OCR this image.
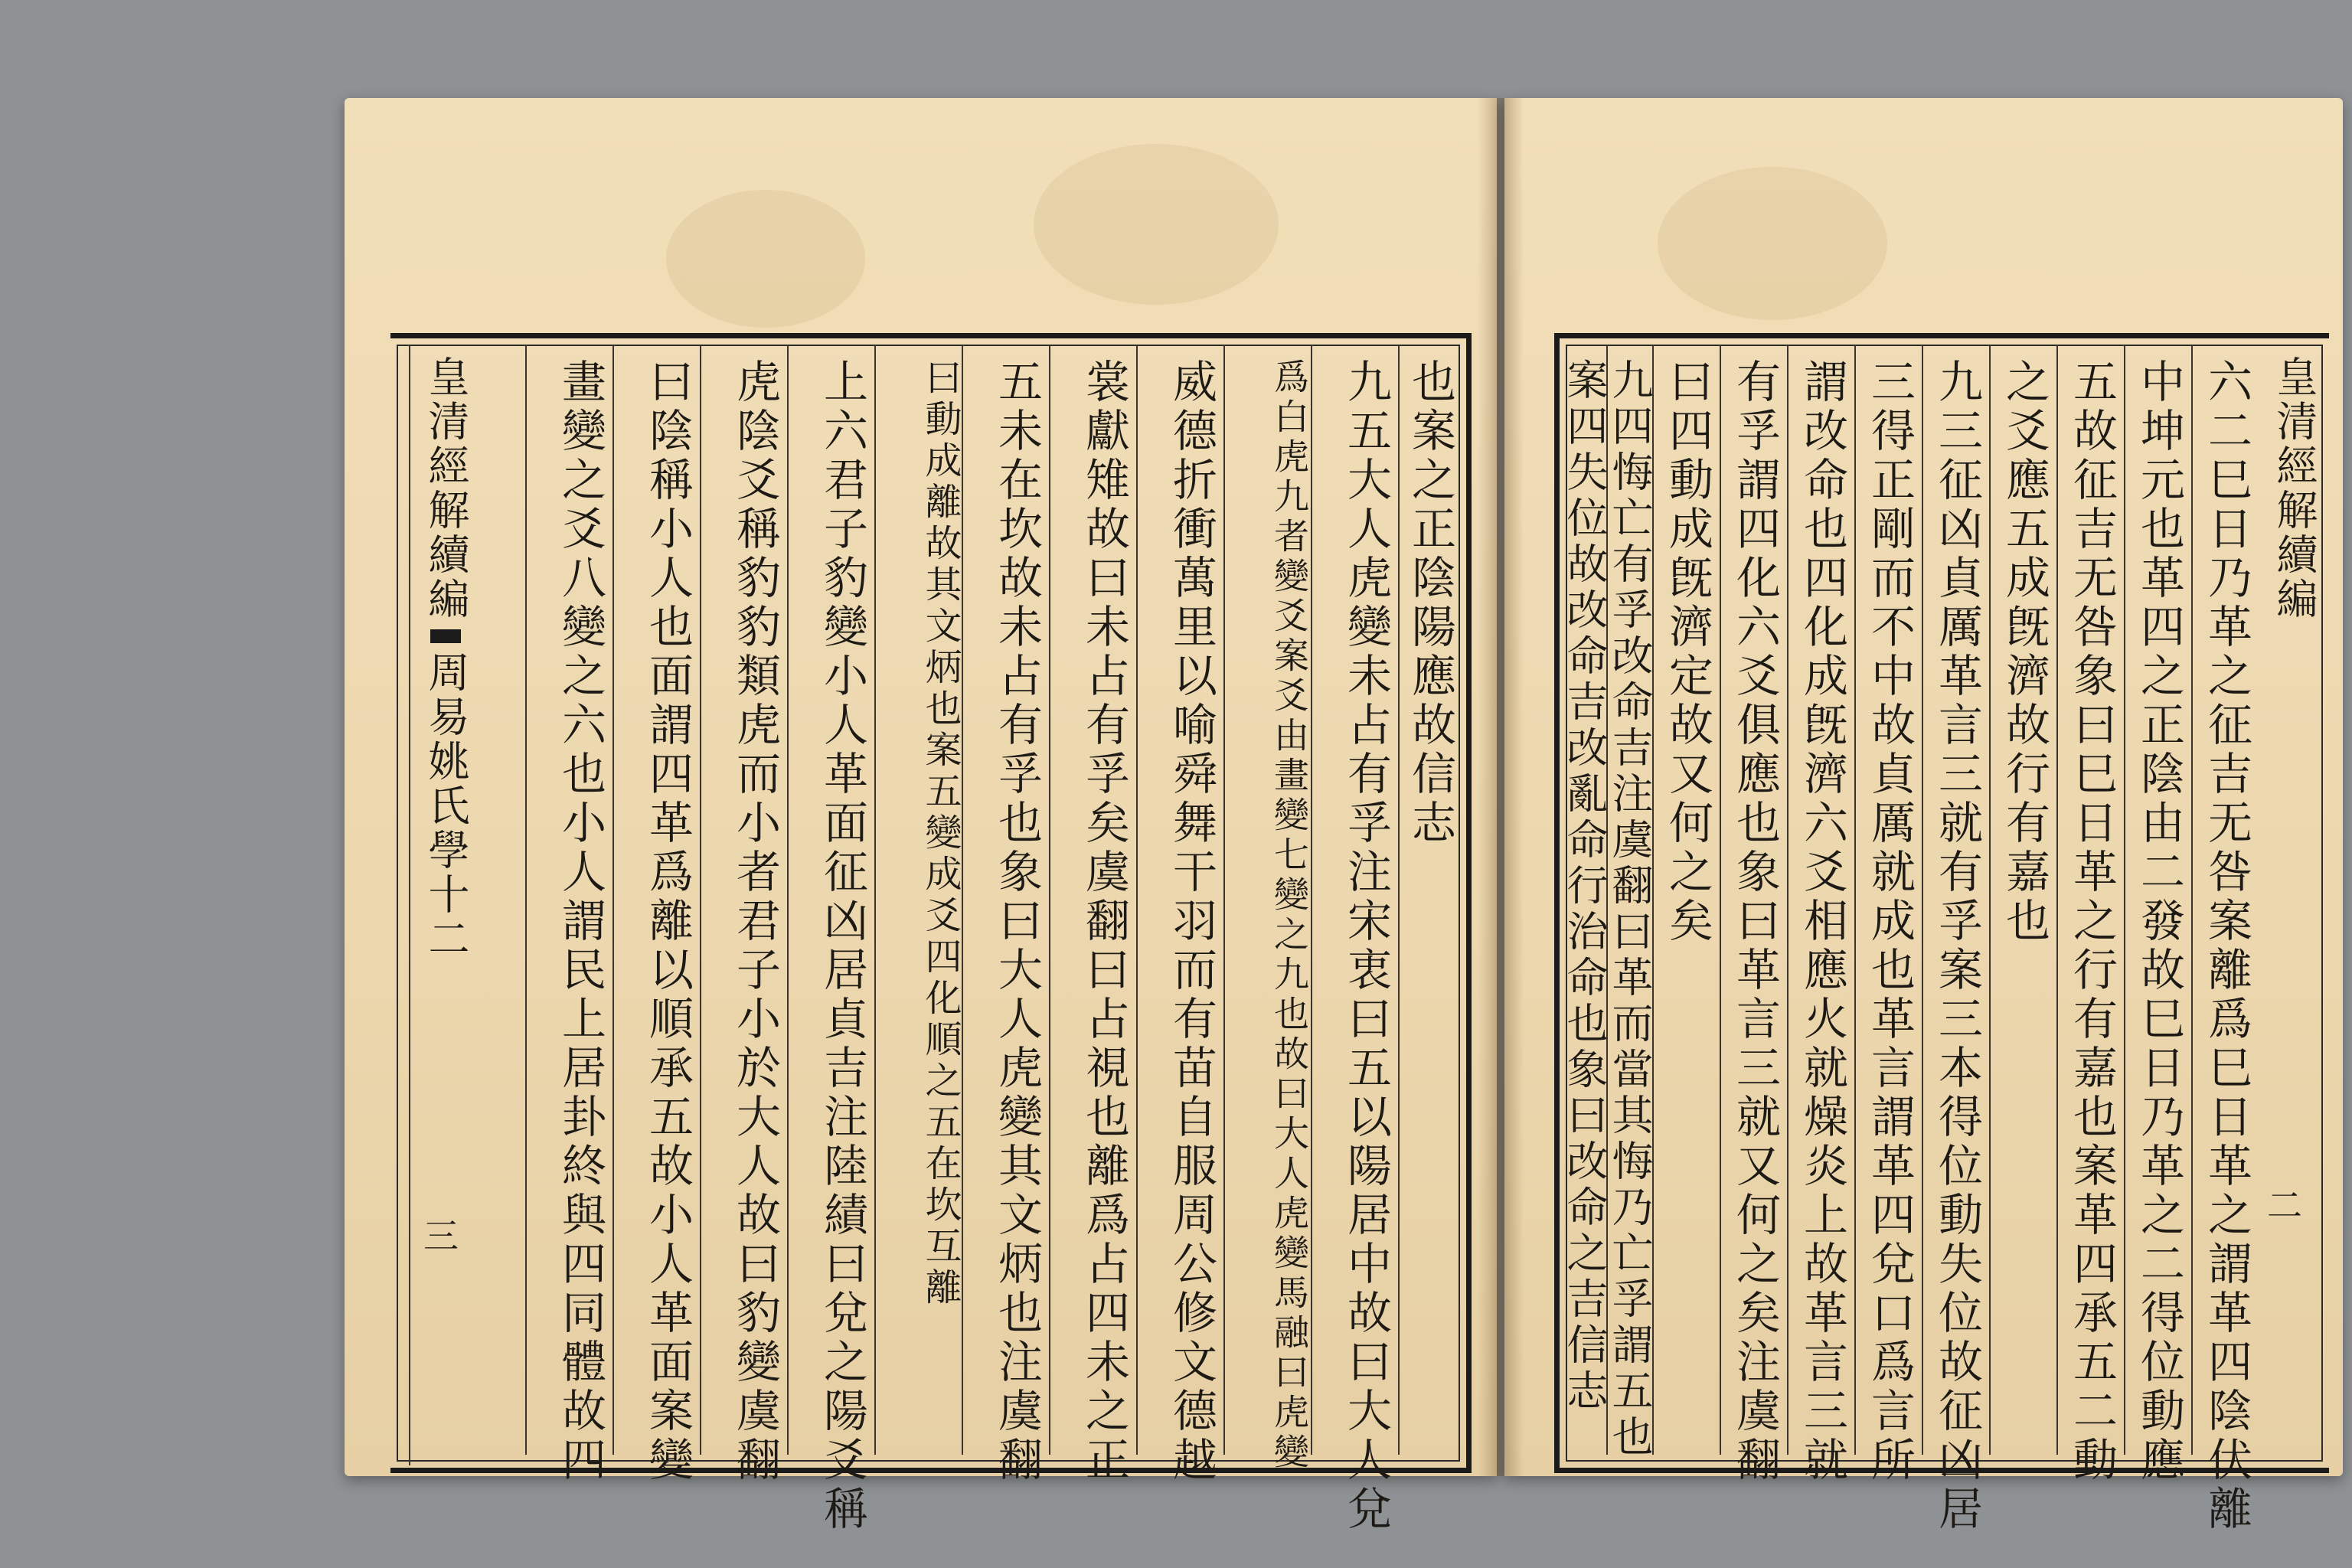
皇清經解續編
二
六二巳日乃革之征吉无咎案離爲巳日革之謂革四陰伏離
中坤元也革四之正陰由二發故巳日乃革之二得位動應
五故征吉无咎象曰巳日革之行有嘉也案革四承五二動
之爻應五成旣濟故行有嘉也
九三征凶貞厲革言三就有孚案三本得位動失位故征凶居
三得正剛而不中故貞厲就成也革言謂革四兌口爲言所
謂改命也四化成旣濟六爻相應火就燥炎上故革言三就
有孚謂四化六爻俱應也象曰革言三就又何之矣注虞翻
曰四動成旣濟定故又何之矣
九四悔亡有孚改命吉注虞翻曰革而當其悔乃亡孚謂五也
案四失位故改命吉改亂命行治命也象曰改命之吉信志
也案之正陰陽應故信志
九五大人虎變未占有孚注宋衷曰五以陽居中故曰大人兌
爲白虎九者變爻案爻由畫變七變之九也故曰大人虎變馬融曰虎變
威德折衝萬里以喻舜舞干羽而有苗自服周公修文德越
裳獻雉故曰未占有孚矣虞翻曰占視也離爲占四未之正
五未在坎故未占有孚也象曰大人虎變其文炳也注虞翻
曰動成離故其文炳也案五變成爻四化順之五在坎互離
上六君子豹變小人革面征凶居貞吉注陸績曰兌之陽爻稱
虎陰爻稱豹豹類虎而小者君子小於大人故曰豹變虞翻
曰陰稱小人也面謂四革爲離以順承五故小人革面案變
畫變之爻八變之六也小人謂民上居卦終與四同體故四
皇清經解續編周易姚氏學十二
三
